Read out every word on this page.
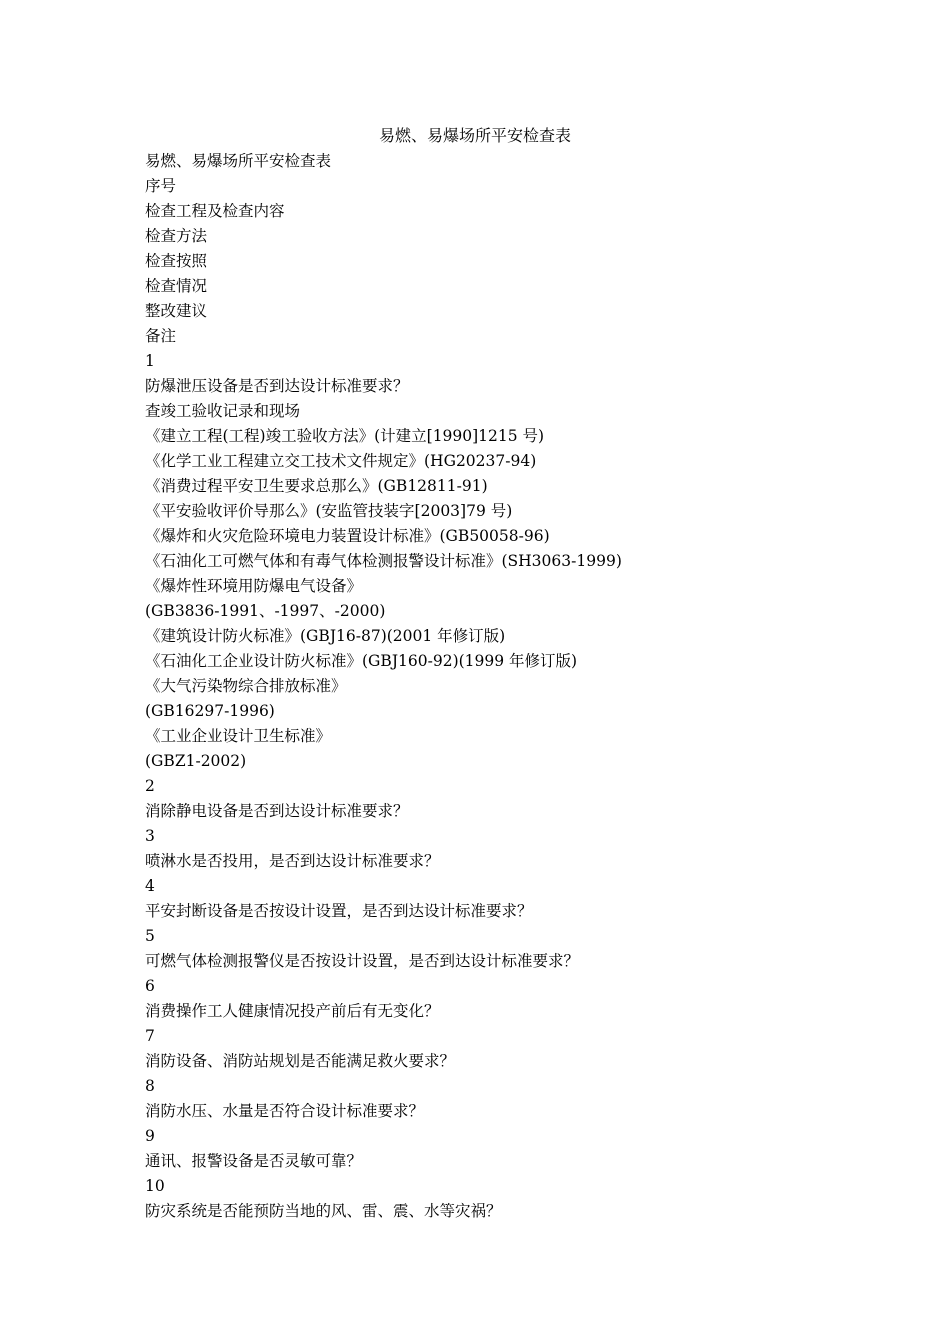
易燃、易爆场所平安检查表
易燃、易爆场所平安检查表
序号
检查工程及检查内容
检查方法
检查按照
检查情况
整改建议
备注
1
防爆泄压设备是否到达设计标准要求？
查竣工验收记录和现场
《建立工程(工程)竣工验收方法》(计建立[1990]1215 号)
《化学工业工程建立交工技术文件规定》(HG20237-94)
《消费过程平安卫生要求总那么》(GB12811-91)
《平安验收评价导那么》(安监管技装字[2003]79 号)
《爆炸和火灾危险环境电力装置设计标准》(GB50058-96)
《石油化工可燃气体和有毒气体检测报警设计标准》(SH3063-1999)
《爆炸性环境用防爆电气设备》
(GB3836-1991、-1997、-2000)
《建筑设计防火标准》(GBJ16-87)(2001 年修订版)
《石油化工企业设计防火标准》(GBJ160-92)(1999 年修订版)
《大气污染物综合排放标准》
(GB16297-1996)
《工业企业设计卫生标准》
(GBZ1-2002)
2
消除静电设备是否到达设计标准要求？
3
喷淋水是否投用，是否到达设计标准要求？
4
平安封断设备是否按设计设置，是否到达设计标准要求？
5
可燃气体检测报警仪是否按设计设置，是否到达设计标准要求？
6
消费操作工人健康情况投产前后有无变化？
7
消防设备、消防站规划是否能满足救火要求？
8
消防水压、水量是否符合设计标准要求？
9
通讯、报警设备是否灵敏可靠？
10
防灾系统是否能预防当地的风、雷、震、水等灾祸？
